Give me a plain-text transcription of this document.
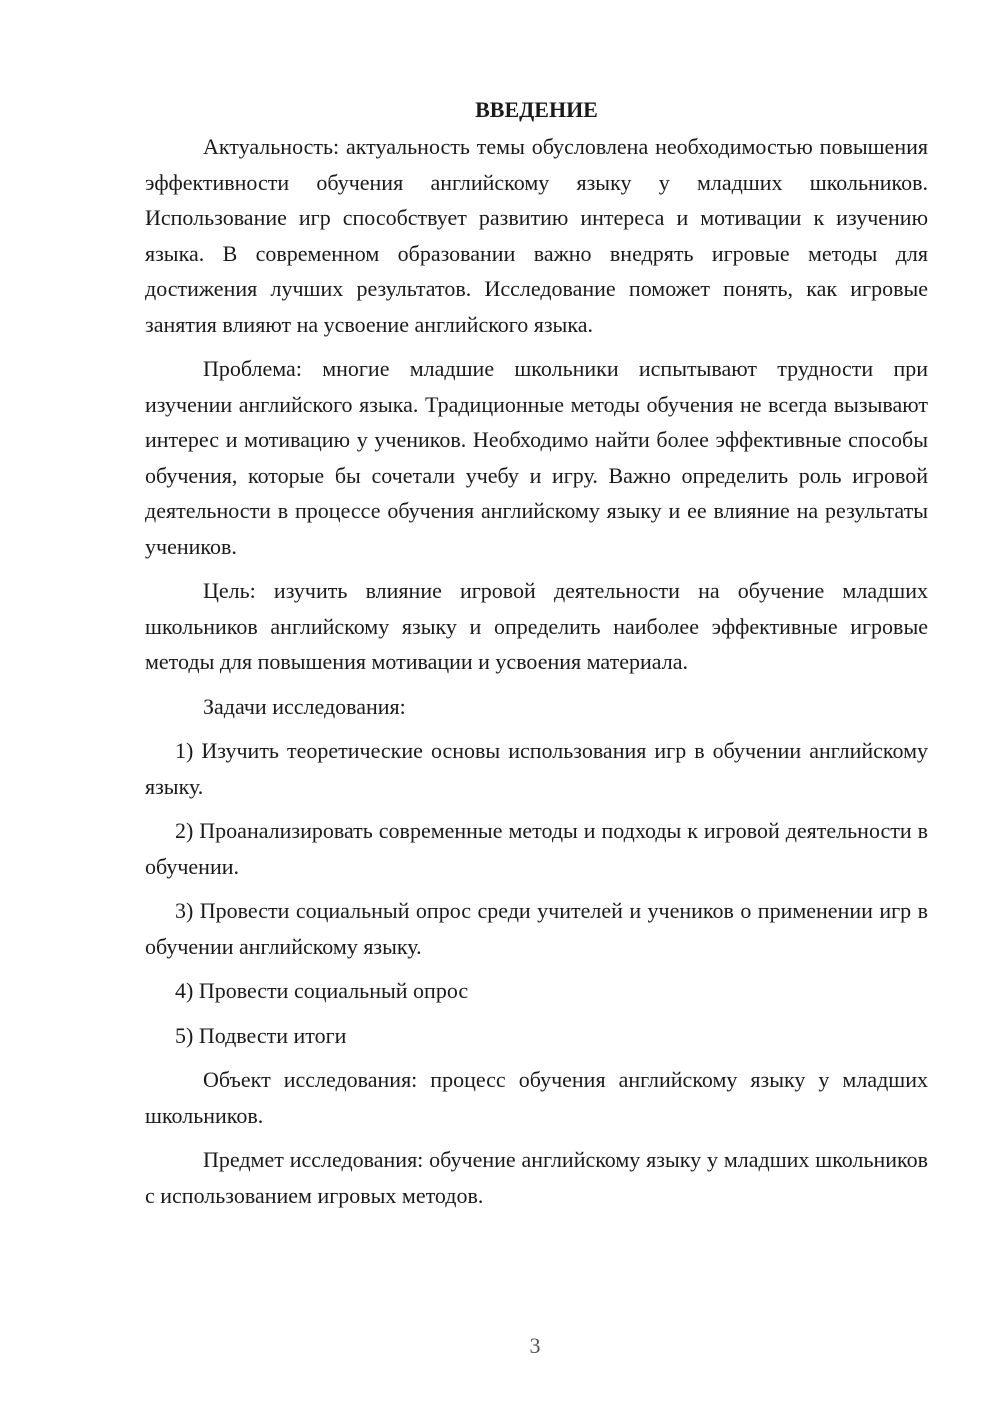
ВВЕДЕНИЕ

Актуальность: актуальность темы обусловлена необходимостью повышения эффективности обучения английскому языку у младших школьников. Использование игр способствует развитию интереса и мотивации к изучению языка. В современном образовании важно внедрять игровые методы для достижения лучших результатов. Исследование поможет понять, как игровые занятия влияют на усвоение английского языка.

Проблема: многие младшие школьники испытывают трудности при изучении английского языка. Традиционные методы обучения не всегда вызывают интерес и мотивацию у учеников. Необходимо найти более эффективные способы обучения, которые бы сочетали учебу и игру. Важно определить роль игровой деятельности в процессе обучения английскому языку и ее влияние на результаты учеников.

Цель: изучить влияние игровой деятельности на обучение младших школьников английскому языку и определить наиболее эффективные игровые методы для повышения мотивации и усвоения материала.

Задачи исследования:

1) Изучить теоретические основы использования игр в обучении английскому языку.

2) Проанализировать современные методы и подходы к игровой деятельности в обучении.

3) Провести социальный опрос среди учителей и учеников о применении игр в обучении английскому языку.

4) Провести социальный опрос

5) Подвести итоги

Объект исследования: процесс обучения английскому языку у младших школьников.

Предмет исследования: обучение английскому языку у младших школьников с использованием игровых методов.

3
